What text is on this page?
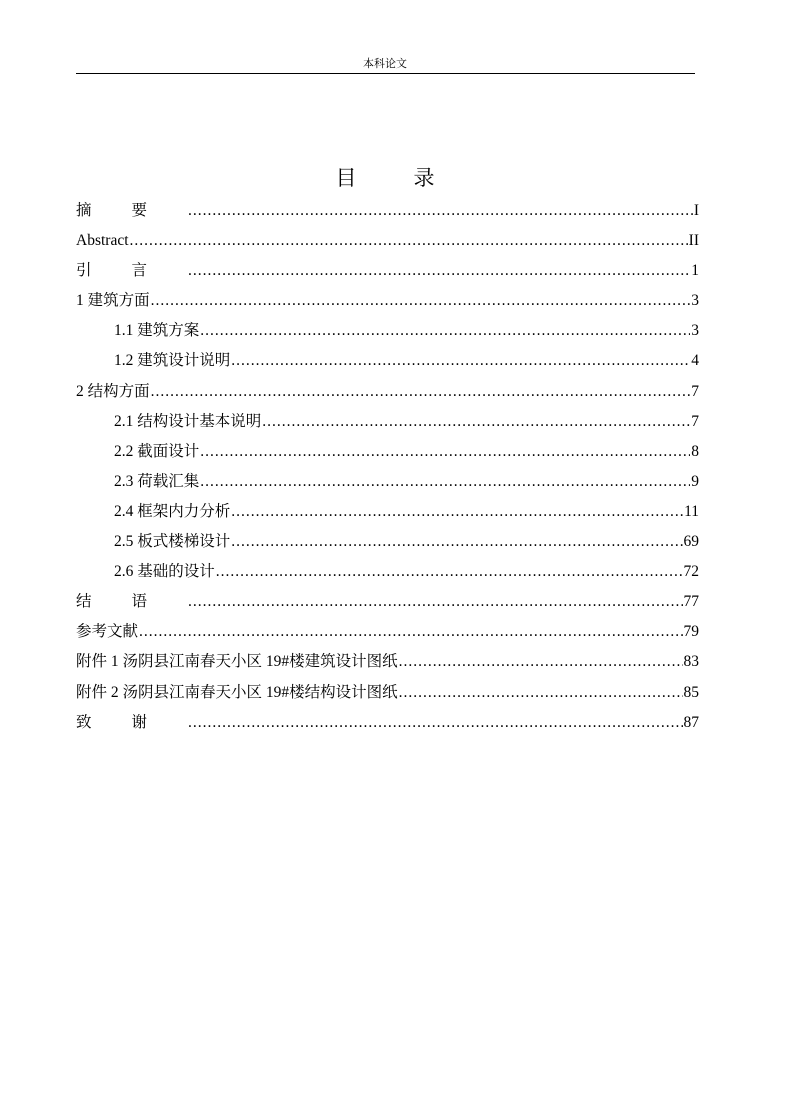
本科论文
目　录
摘要 .....	I
Abstract .....	II
引言 .....	1
1 建筑方面 .....	3
1.1 建筑方案 .....	3
1.2 建筑设计说明 .....	4
2 结构方面 .....	7
2.1 结构设计基本说明 .....	7
2.2 截面设计 .....	8
2.3 荷载汇集 .....	9
2.4 框架内力分析 .....	11
2.5 板式楼梯设计 .....	69
2.6 基础的设计 .....	72
结语 .....	77
参考文献 .....	79
附件 1 汤阴县江南春天小区 19#楼建筑设计图纸 .....	83
附件 2 汤阴县江南春天小区 19#楼结构设计图纸 .....	85
致谢 .....	87
